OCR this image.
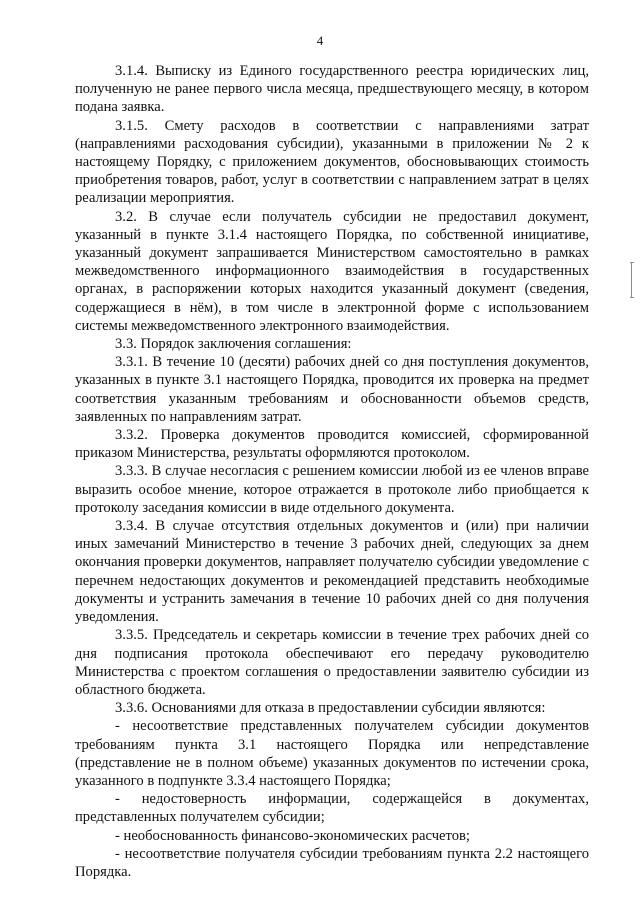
4

3.1.4. Выписку из Единого государственного реестра юридических лиц, полученную не ранее первого числа месяца, предшествующего месяцу, в котором подана заявка.

3.1.5. Смету расходов в соответствии с направлениями затрат (направлениями расходования субсидии), указанными в приложении № 2 к настоящему Порядку, с приложением документов, обосновывающих стоимость приобретения товаров, работ, услуг в соответствии с направлением затрат в целях реализации мероприятия.

3.2. В случае если получатель субсидии не предоставил документ, указанный в пункте 3.1.4 настоящего Порядка, по собственной инициативе, указанный документ запрашивается Министерством самостоятельно в рамках межведомственного информационного взаимодействия в государственных органах, в распоряжении которых находится указанный документ (сведения, содержащиеся в нём), в том числе в электронной форме с использованием системы межведомственного электронного взаимодействия.

3.3. Порядок заключения соглашения:

3.3.1. В течение 10 (десяти) рабочих дней со дня поступления документов, указанных в пункте 3.1 настоящего Порядка, проводится их проверка на предмет соответствия указанным требованиям и обоснованности объемов средств, заявленных по направлениям затрат.

3.3.2. Проверка документов проводится комиссией, сформированной приказом Министерства, результаты оформляются протоколом.

3.3.3. В случае несогласия с решением комиссии любой из ее членов вправе выразить особое мнение, которое отражается в протоколе либо приобщается к протоколу заседания комиссии в виде отдельного документа.

3.3.4. В случае отсутствия отдельных документов и (или) при наличии иных замечаний Министерство в течение 3 рабочих дней, следующих за днем окончания проверки документов, направляет получателю субсидии уведомление с перечнем недостающих документов и рекомендацией представить необходимые документы и устранить замечания в течение 10 рабочих дней со дня получения уведомления.

3.3.5. Председатель и секретарь комиссии в течение трех рабочих дней со дня подписания протокола обеспечивают его передачу руководителю Министерства с проектом соглашения о предоставлении заявителю субсидии из областного бюджета.

3.3.6. Основаниями для отказа в предоставлении субсидии являются:

- несоответствие представленных получателем субсидии документов требованиям пункта 3.1 настоящего Порядка или непредставление (представление не в полном объеме) указанных документов по истечении срока, указанного в подпункте 3.3.4 настоящего Порядка;

- недостоверность информации, содержащейся в документах, представленных получателем субсидии;

- необоснованность финансово-экономических расчетов;

- несоответствие получателя субсидии требованиям пункта 2.2 настоящего Порядка.
